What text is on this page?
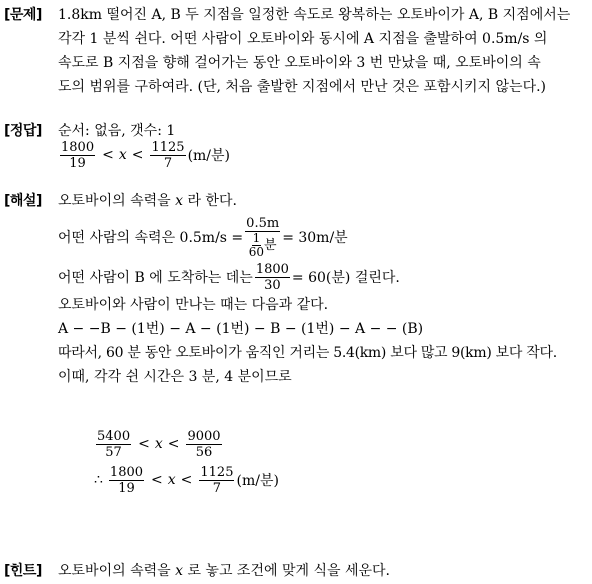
[문제] 1.8km 떨어진 A, B 두 지점을 일정한 속도로 왕복하는 오토바이가 A, B 지점에서는
각각 1 분씩 쉰다. 어떤 사람이 오토바이와 동시에 A 지점을 출발하여 0.5m/s 의
속도로 B 지점을 향해 걸어가는 동안 오토바이와 3 번 만났을 때, 오토바이의 속
도의 범위를 구하여라. (단, 처음 출발한 지점에서 만난 것은 포함시키지 않는다.)
[정답] 순서: 없음, 갯수: 1
$\frac{1800}{19} < x < \frac{1125}{7} (m/$분)
[해설] 오토바이의 속력을 x 라 한다.
어떤 사람의 속력은 0.5m/s = 0.5m
1
60 분 = 30m/분
어떤 사람이 B 에 도착하는 데는 $\frac{1800}{30} = 60$(분) 걸린다.
오토바이와 사람이 만나는 때는 다음과 같다.
A − −B − (1번) − A − (1번) − B − (1번) − A − − (B)
따라서, 60 분 동안 오토바이가 움직인 거리는 5.4(km) 보다 많고 9(km) 보다 작다.
이때, 각각 쉰 시간은 3 분, 4 분이므로
$\frac{5400}{57} < x < \frac{9000}{56}$
∴ $\frac{1800}{19} < x < \frac{1125}{7} (m/$분)
[힌트] 오토바이의 속력을 x 로 놓고 조건에 맞게 식을 세운다.
